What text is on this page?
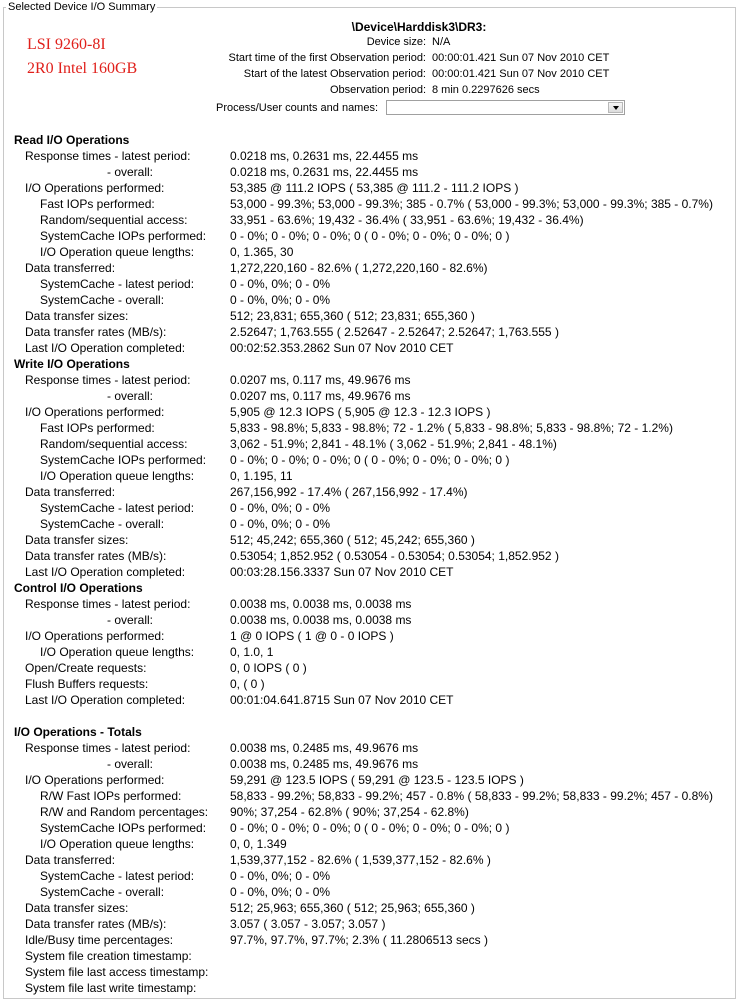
Selected Device I/O Summary
LSI 9260-8I
2R0 Intel 160GB
\Device\Harddisk3\DR3:
Device size: N/A
Start time of the first Observation period: 00:00:01.421 Sun 07 Nov 2010 CET
Start of the latest Observation period: 00:00:01.421 Sun 07 Nov 2010 CET
Observation period: 8 min 0.2297626 secs
Process/User counts and names:
Read I/O Operations
Response times - latest period:	0.0218 ms, 0.2631 ms, 22.4455 ms
- overall:	0.0218 ms, 0.2631 ms, 22.4455 ms
I/O Operations performed:	53,385 @ 111.2 IOPS ( 53,385 @ 111.2 - 111.2 IOPS )
Fast IOPs performed:	53,000 - 99.3%; 53,000 - 99.3%; 385 - 0.7% ( 53,000 - 99.3%; 53,000 - 99.3%; 385 - 0.7%)
Random/sequential access:	33,951 - 63.6%; 19,432 - 36.4% ( 33,951 - 63.6%; 19,432 - 36.4%)
SystemCache IOPs performed: 0 - 0%; 0 - 0%; 0 - 0%; 0 ( 0 - 0%; 0 - 0%; 0 - 0%; 0 )
I/O Operation queue lengths:	0, 1.365, 30
Data transferred:	1,272,220,160 - 82.6% ( 1,272,220,160 - 82.6%)
SystemCache - latest period:	0 - 0%, 0%; 0 - 0%
SystemCache - overall:	0 - 0%, 0%; 0 - 0%
Data transfer sizes:	512; 23,831; 655,360 ( 512; 23,831; 655,360 )
Data transfer rates (MB/s):	2.52647; 1,763.555 ( 2.52647 - 2.52647; 2.52647; 1,763.555 )
Last I/O Operation completed:	00:02:52.353.2862 Sun 07 Nov 2010 CET
Write I/O Operations
Response times - latest period:	0.0207 ms, 0.117 ms, 49.9676 ms
- overall:	0.0207 ms, 0.117 ms, 49.9676 ms
I/O Operations performed:	5,905 @ 12.3 IOPS ( 5,905 @ 12.3 - 12.3 IOPS )
Fast IOPs performed:	5,833 - 98.8%; 5,833 - 98.8%; 72 - 1.2% ( 5,833 - 98.8%; 5,833 - 98.8%; 72 - 1.2%)
Random/sequential access:	3,062 - 51.9%; 2,841 - 48.1% ( 3,062 - 51.9%; 2,841 - 48.1%)
SystemCache IOPs performed: 0 - 0%; 0 - 0%; 0 - 0%; 0 ( 0 - 0%; 0 - 0%; 0 - 0%; 0 )
I/O Operation queue lengths:	0, 1.195, 11
Data transferred:	267,156,992 - 17.4% ( 267,156,992 - 17.4%)
SystemCache - latest period:	0 - 0%, 0%; 0 - 0%
SystemCache - overall:	0 - 0%, 0%; 0 - 0%
Data transfer sizes:	512; 45,242; 655,360 ( 512; 45,242; 655,360 )
Data transfer rates (MB/s):	0.53054; 1,852.952 ( 0.53054 - 0.53054; 0.53054; 1,852.952 )
Last I/O Operation completed:	00:03:28.156.3337 Sun 07 Nov 2010 CET
Control I/O Operations
Response times - latest period:	0.0038 ms, 0.0038 ms, 0.0038 ms
- overall:	0.0038 ms, 0.0038 ms, 0.0038 ms
I/O Operations performed:	1 @ 0 IOPS ( 1 @ 0 - 0 IOPS )
I/O Operation queue lengths:	0, 1.0, 1
Open/Create requests:	0, 0 IOPS ( 0 )
Flush Buffers requests:	0, ( 0 )
Last I/O Operation completed:	00:01:04.641.8715 Sun 07 Nov 2010 CET
I/O Operations - Totals
Response times - latest period:	0.0038 ms, 0.2485 ms, 49.9676 ms
- overall:	0.0038 ms, 0.2485 ms, 49.9676 ms
I/O Operations performed:	59,291 @ 123.5 IOPS ( 59,291 @ 123.5 - 123.5 IOPS )
R/W Fast IOPs performed:	58,833 - 99.2%; 58,833 - 99.2%; 457 - 0.8% ( 58,833 - 99.2%; 58,833 - 99.2%; 457 - 0.8%)
R/W and Random percentages: 90%; 37,254 - 62.8% ( 90%; 37,254 - 62.8%)
SystemCache IOPs performed: 0 - 0%; 0 - 0%; 0 - 0%; 0 ( 0 - 0%; 0 - 0%; 0 - 0%; 0 )
I/O Operation queue lengths:	0, 0, 1.349
Data transferred:	1,539,377,152 - 82.6% ( 1,539,377,152 - 82.6% )
SystemCache - latest period:	0 - 0%, 0%; 0 - 0%
SystemCache - overall:	0 - 0%, 0%; 0 - 0%
Data transfer sizes:	512; 25,963; 655,360 ( 512; 25,963; 655,360 )
Data transfer rates (MB/s):	3.057 ( 3.057 - 3.057; 3.057 )
Idle/Busy time percentages:	97.7%, 97.7%, 97.7%; 2.3% ( 11.2806513 secs )
System file creation timestamp:
System file last access timestamp:
System file last write timestamp:
